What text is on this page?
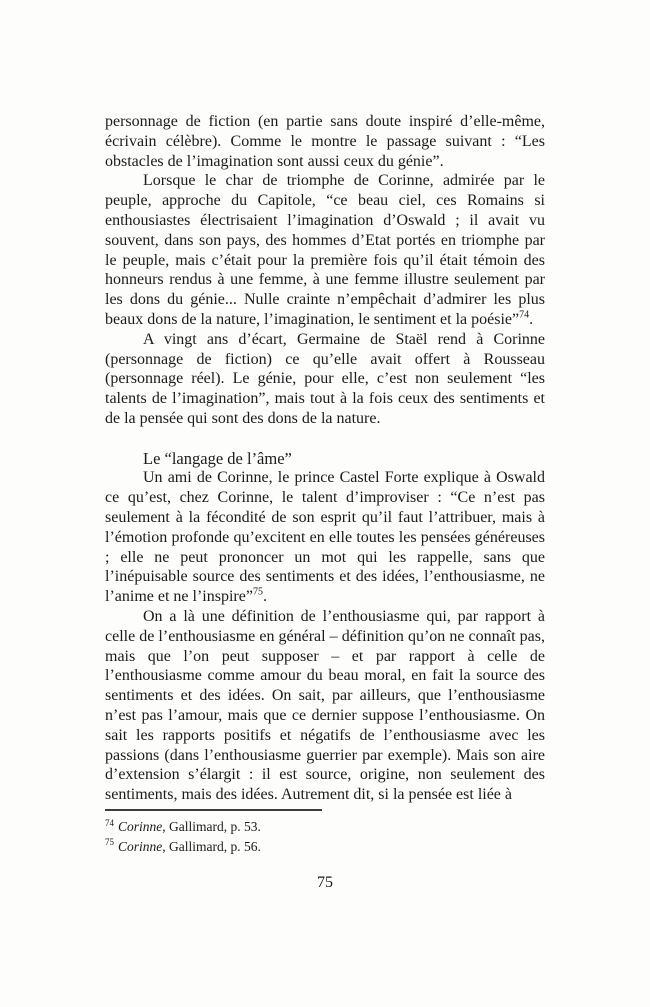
personnage de fiction (en partie sans doute inspiré d’elle-même, écrivain célèbre). Comme le montre le passage suivant : “Les obstacles de l’imagination sont aussi ceux du génie”.

Lorsque le char de triomphe de Corinne, admirée par le peuple, approche du Capitole, “ce beau ciel, ces Romains si enthousiastes électrisaient l’imagination d’Oswald ; il avait vu souvent, dans son pays, des hommes d’Etat portés en triomphe par le peuple, mais c’était pour la première fois qu’il était témoin des honneurs rendus à une femme, à une femme illustre seulement par les dons du génie... Nulle crainte n’empêchait d’admirer les plus beaux dons de la nature, l’imagination, le sentiment et la poésie”$^{74}$.

A vingt ans d’écart, Germaine de Staël rend à Corinne (personnage de fiction) ce qu’elle avait offert à Rousseau (personnage réel). Le génie, pour elle, c’est non seulement “les talents de l’imagination”, mais tout à la fois ceux des sentiments et de la pensée qui sont des dons de la nature.

Le “langage de l’âme”

Un ami de Corinne, le prince Castel Forte explique à Oswald ce qu’est, chez Corinne, le talent d’improviser : “Ce n’est pas seulement à la fécondité de son esprit qu’il faut l’attribuer, mais à l’émotion profonde qu’excitent en elle toutes les pensées généreuses ; elle ne peut prononcer un mot qui les rappelle, sans que l’inépuisable source des sentiments et des idées, l’enthousiasme, ne l’anime et ne l’inspire”$^{75}$.

On a là une définition de l’enthousiasme qui, par rapport à celle de l’enthousiasme en général – définition qu’on ne connaît pas, mais que l’on peut supposer – et par rapport à celle de l’enthousiasme comme amour du beau moral, en fait la source des sentiments et des idées. On sait, par ailleurs, que l’enthousiasme n’est pas l’amour, mais que ce dernier suppose l’enthousiasme. On sait les rapports positifs et négatifs de l’enthousiasme avec les passions (dans l’enthousiasme guerrier par exemple). Mais son aire d’extension s’élargit : il est source, origine, non seulement des sentiments, mais des idées. Autrement dit, si la pensée est liée à

$^{74}$ Corinne, Gallimard, p. 53.
$^{75}$ Corinne, Gallimard, p. 56.
75
